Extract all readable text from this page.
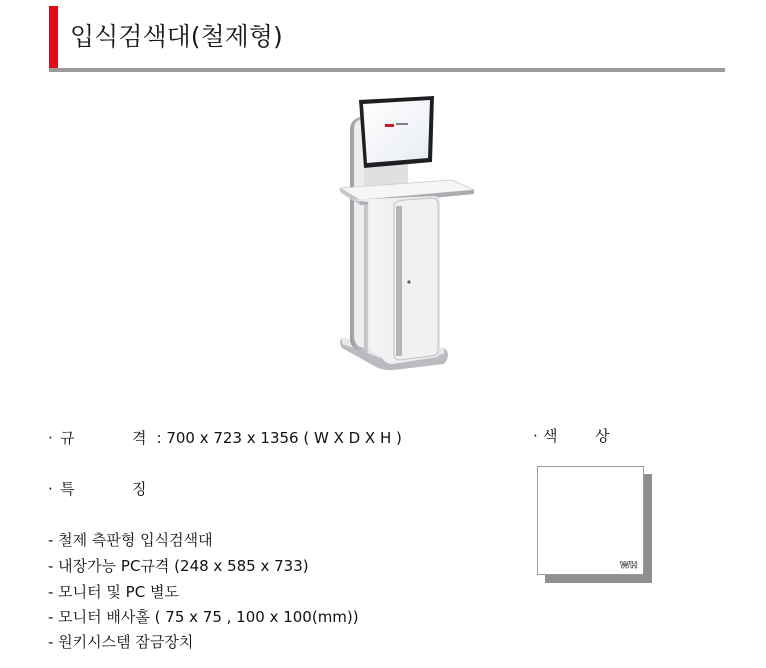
입식검색대(철제형)
· 규	격 : 700 x 723 x 1356 ( W X D X H )	· 색	상
· 특	징
- 철제 측판형 입식검색대
- 내장가능 PC규격 (248 x 585 x 733)
- 모니터 및 PC 별도
- 모니터 배사홀 ( 75 x 75 , 100 x 100(mm))
- 원키시스템 잠금장치
WH
